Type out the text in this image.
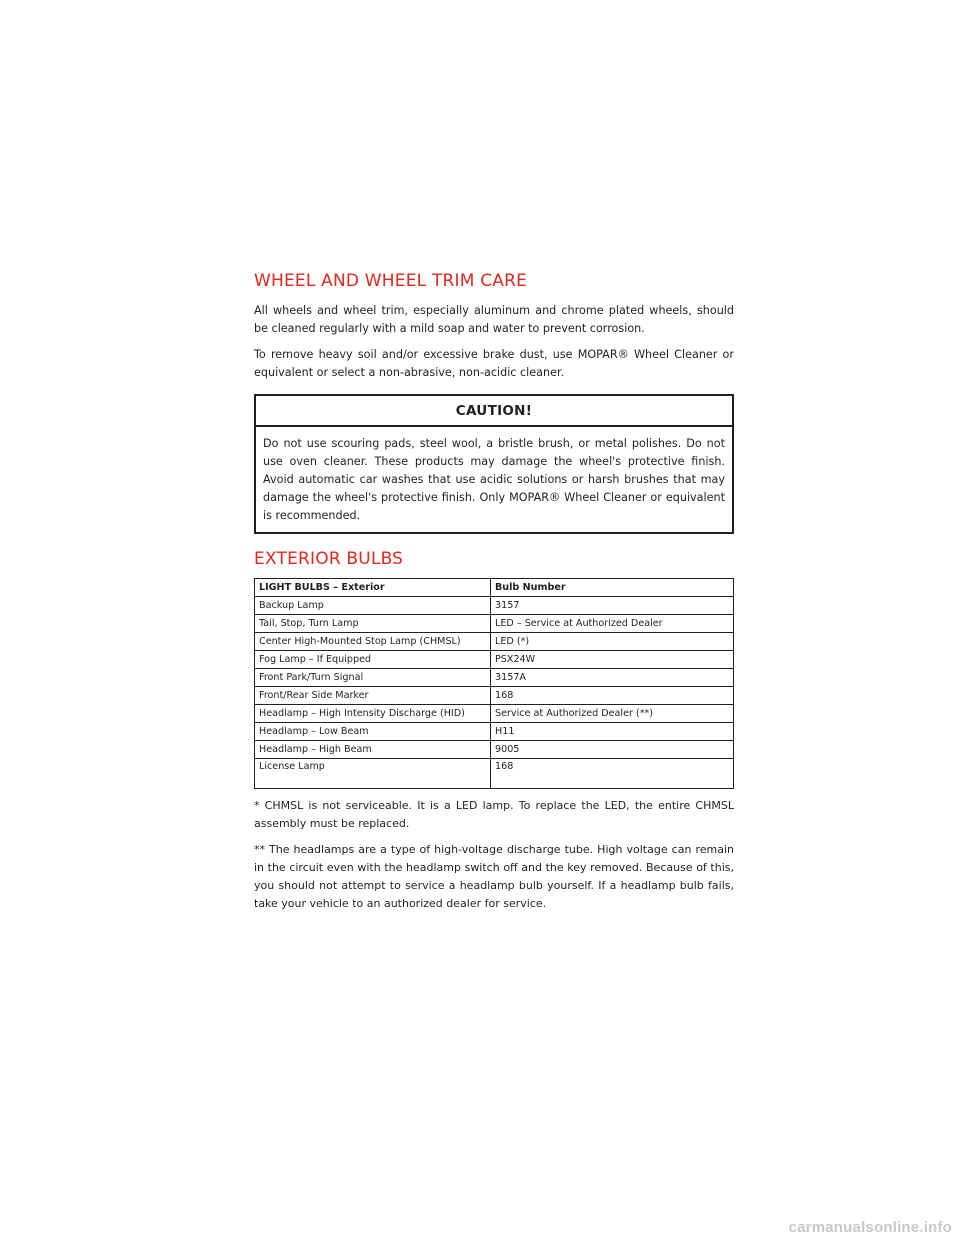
WHEEL AND WHEEL TRIM CARE

All wheels and wheel trim, especially aluminum and chrome plated wheels, should be cleaned regularly with a mild soap and water to prevent corrosion.

To remove heavy soil and/or excessive brake dust, use MOPAR® Wheel Cleaner or equivalent or select a non-abrasive, non-acidic cleaner.

CAUTION!
Do not use scouring pads, steel wool, a bristle brush, or metal polishes. Do not use oven cleaner. These products may damage the wheel's protective finish. Avoid automatic car washes that use acidic solutions or harsh brushes that may damage the wheel's protective finish. Only MOPAR® Wheel Cleaner or equivalent is recommended.
EXTERIOR BULBS
LIGHT BULBS – Exterior	Bulb Number
Backup Lamp	3157
Tail, Stop, Turn Lamp	LED – Service at Authorized Dealer
Center High-Mounted Stop Lamp (CHMSL)	LED (*)
Fog Lamp – If Equipped	PSX24W
Front Park/Turn Signal	3157A
Front/Rear Side Marker	168
Headlamp – High Intensity Discharge (HID)	Service at Authorized Dealer (**)
Headlamp – Low Beam	H11
Headlamp – High Beam	9005
License Lamp	168

* CHMSL is not serviceable. It is a LED lamp. To replace the LED, the entire CHMSL assembly must be replaced.

** The headlamps are a type of high-voltage discharge tube. High voltage can remain in the circuit even with the headlamp switch off and the key removed. Because of this, you should not attempt to service a headlamp bulb yourself. If a headlamp bulb fails, take your vehicle to an authorized dealer for service.

carmanualsonline.info
